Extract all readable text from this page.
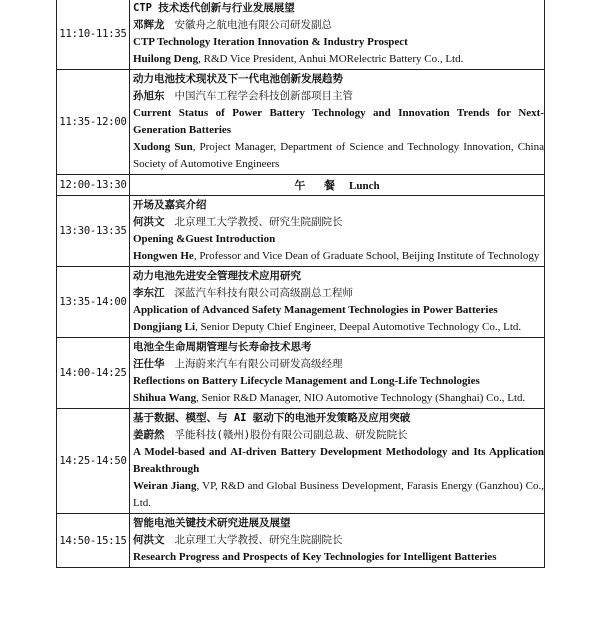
11:10-11:35	CTP 技术迭代创新与行业发展展望
邓辉龙 安徽舟之航电池有限公司研发副总
CTP Technology Iteration Innovation & Industry Prospect
Huilong Deng, R&D Vice President, Anhui MORelectric Battery Co., Ltd.

11:35-12:00	动力电池技术现状及下一代电池创新发展趋势
孙旭东 中国汽车工程学会科技创新部项目主管
Current Status of Power Battery Technology and Innovation Trends for Next-Generation Batteries
Xudong Sun, Project Manager, Department of Science and Technology Innovation, China Society of Automotive Engineers

12:00-13:30	午 餐 Lunch
13:30-13:35	开场及嘉宾介绍
何洪文 北京理工大学教授、研究生院副院长
Opening &Guest Introduction
Hongwen He, Professor and Vice Dean of Graduate School, Beijing Institute of Technology

13:35-14:00	动力电池先进安全管理技术应用研究
李东江 深蓝汽车科技有限公司高级副总工程师
Application of Advanced Safety Management Technologies in Power Batteries
Dongjiang Li, Senior Deputy Chief Engineer, Deepal Automotive Technology Co., Ltd.

14:00-14:25	电池全生命周期管理与长寿命技术思考
汪仕华 上海蔚来汽车有限公司研发高级经理
Reflections on Battery Lifecycle Management and Long-Life Technologies
Shihua Wang, Senior R&D Manager, NIO Automotive Technology (Shanghai) Co., Ltd.

14:25-14:50	基于数据、模型、与 AI 驱动下的电池开发策略及应用突破
姜蔚然 孚能科技(赣州)股份有限公司副总裁、研发院院长
A Model-based and AI-driven Battery Development Methodology and Its Application Breakthrough
Weiran Jiang, VP, R&D and Global Business Development, Farasis Energy (Ganzhou) Co., Ltd.

14:50-15:15	智能电池关键技术研究进展及展望
何洪文 北京理工大学教授、研究生院副院长
Research Progress and Prospects of Key Technologies for Intelligent Batteries
